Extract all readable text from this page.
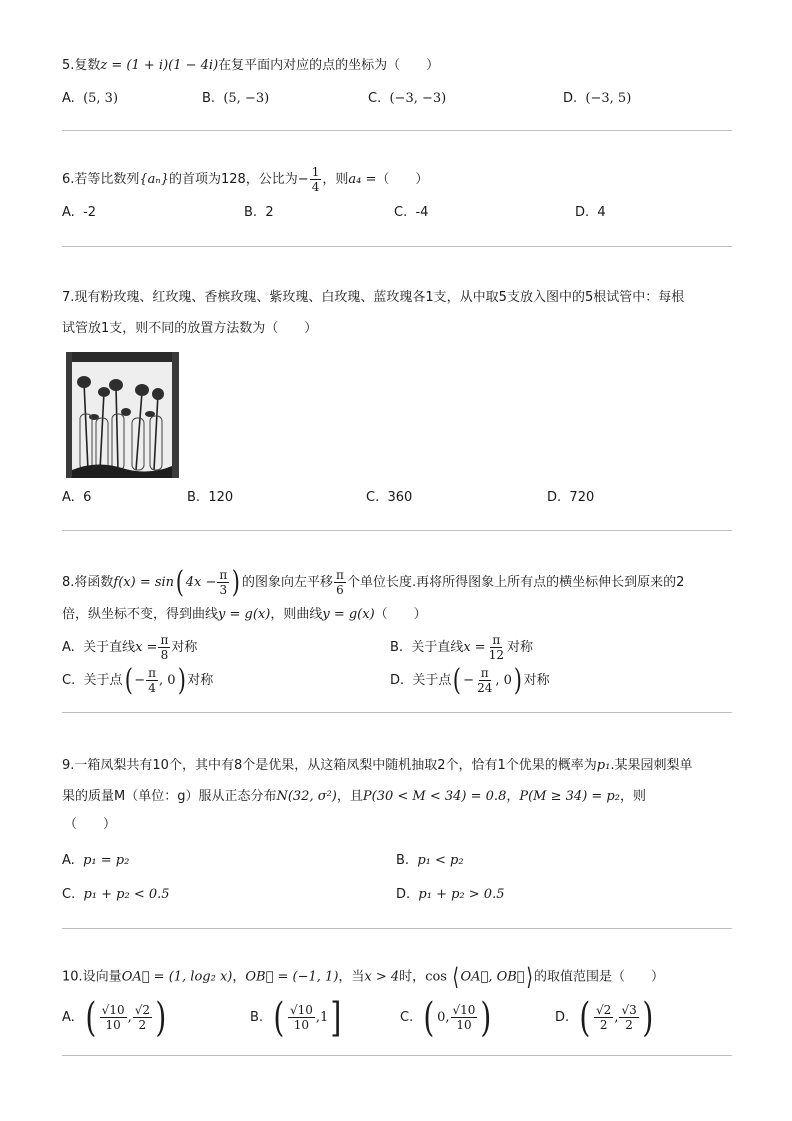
5.复数z = (1 + i)(1 − 4i)在复平面内对应的点的坐标为（　　）
A. (5, 3)	B. (5, −3)	C. (−3, −3)	D. (−3, 5)
6.若等比数列{aₙ}的首项为128，公比为− $\frac{1}{4}$ ，则a₄ =（　　）
A. -2	B. 2	C. -4	D. 4
7.现有粉玫瑰、红玫瑰、香槟玫瑰、紫玫瑰、白玫瑰、蓝玫瑰各1支，从中取5支放入图中的5根试管中：每根
试管放1支，则不同的放置方法数为（　　）
A. 6	B. 120	C. 360	D. 720
8.将函数f(x) = sin( $4x - \frac{\pi}{3}$ ) 的图象向左平移 $\frac{\pi}{6}$ 个单位长度.再将所得图象上所有点的横坐标伸长到原来的2
倍，纵坐标不变，得到曲线y = g(x)，则曲线y = g(x)（　　）
A. 关于直线$x = \frac{\pi}{8}$ 对称	B. 关于直线$x = \frac{\pi}{12}$ 对称
C. 关于点( − $\frac{\pi}{4}$ , 0) 对称	D. 关于点( − $\frac{\pi}{24}$ , 0) 对称
9.一箱凤梨共有10个，其中有8个是优果，从这箱凤梨中随机抽取2个，恰有1个优果的概率为p₁.某果园刺梨单
果的质量M（单位：g）服从正态分布N(32, σ²)，且P(30 < M < 34) = 0.8，P(M ≥ 34) = p₂，则
（　　）
A. p₁ = p₂	B. p₁ < p₂
C. p₁ + p₂ < 0.5	D. p₁ + p₂ > 0.5
10.设向量OA⃗ = (1, log₂ x)，OB⃗ = (−1, 1)，当x > 4时，cos ⟨OA⃗, OB⃗⟩的取值范围是（　　）
A. ( $\frac{√10}{10}$ , $\frac{√2}{2}$ )	B. ( $\frac{√10}{10} ,1$]	C. ( 0, $\frac{√10}{10}$ )	D. ( $\frac{√2}{2}$ , $\frac{√3}{2}$ )
